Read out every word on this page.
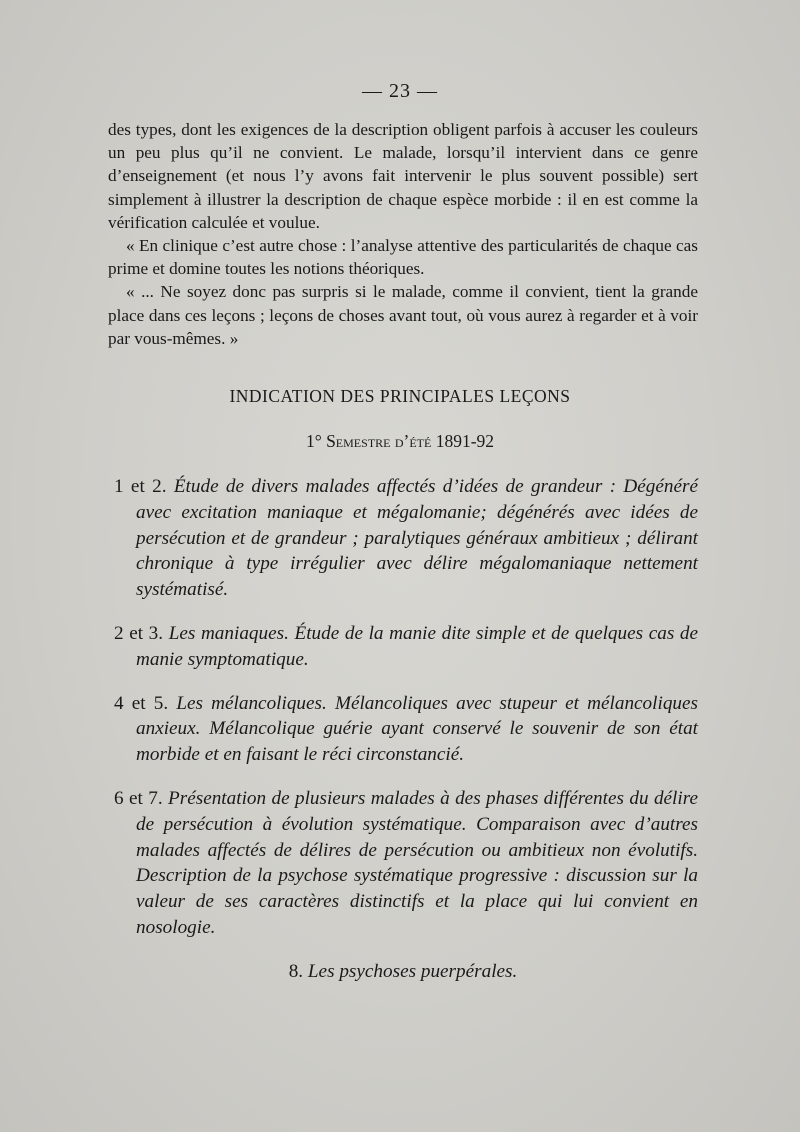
— 23 —

des types, dont les exigences de la description obligent parfois à accuser les couleurs un peu plus qu’il ne convient. Le malade, lorsqu’il intervient dans ce genre d’enseignement (et nous l’y avons fait intervenir le plus souvent possible) sert simplement à illustrer la description de chaque espèce morbide : il en est comme la vérification calculée et voulue.

« En clinique c’est autre chose : l’analyse attentive des particularités de chaque cas prime et domine toutes les notions théoriques.

« ... Ne soyez donc pas surpris si le malade, comme il convient, tient la grande place dans ces leçons ; leçons de choses avant tout, où vous aurez à regarder et à voir par vous-mêmes. »

INDICATION DES PRINCIPALES LEÇONS
1° Semestre d’été 1891-92

1 et 2. Étude de divers malades affectés d’idées de grandeur : Dégénéré avec excitation maniaque et mégalomanie; dégénérés avec idées de persécution et de grandeur ; paralytiques généraux ambitieux ; délirant chronique à type irrégulier avec délire mégalomaniaque nettement systématisé.

2 et 3. Les maniaques. Étude de la manie dite simple et de quelques cas de manie symptomatique.

4 et 5. Les mélancoliques. Mélancoliques avec stupeur et mélancoliques anxieux. Mélancolique guérie ayant conservé le souvenir de son état morbide et en faisant le réci circonstancié.

6 et 7. Présentation de plusieurs malades à des phases différentes du délire de persécution à évolution systématique. Comparaison avec d’autres malades affectés de délires de persécution ou ambitieux non évolutifs. Description de la psychose systématique progressive : discussion sur la valeur de ses caractères distinctifs et la place qui lui convient en nosologie.

8. Les psychoses puerpérales.
